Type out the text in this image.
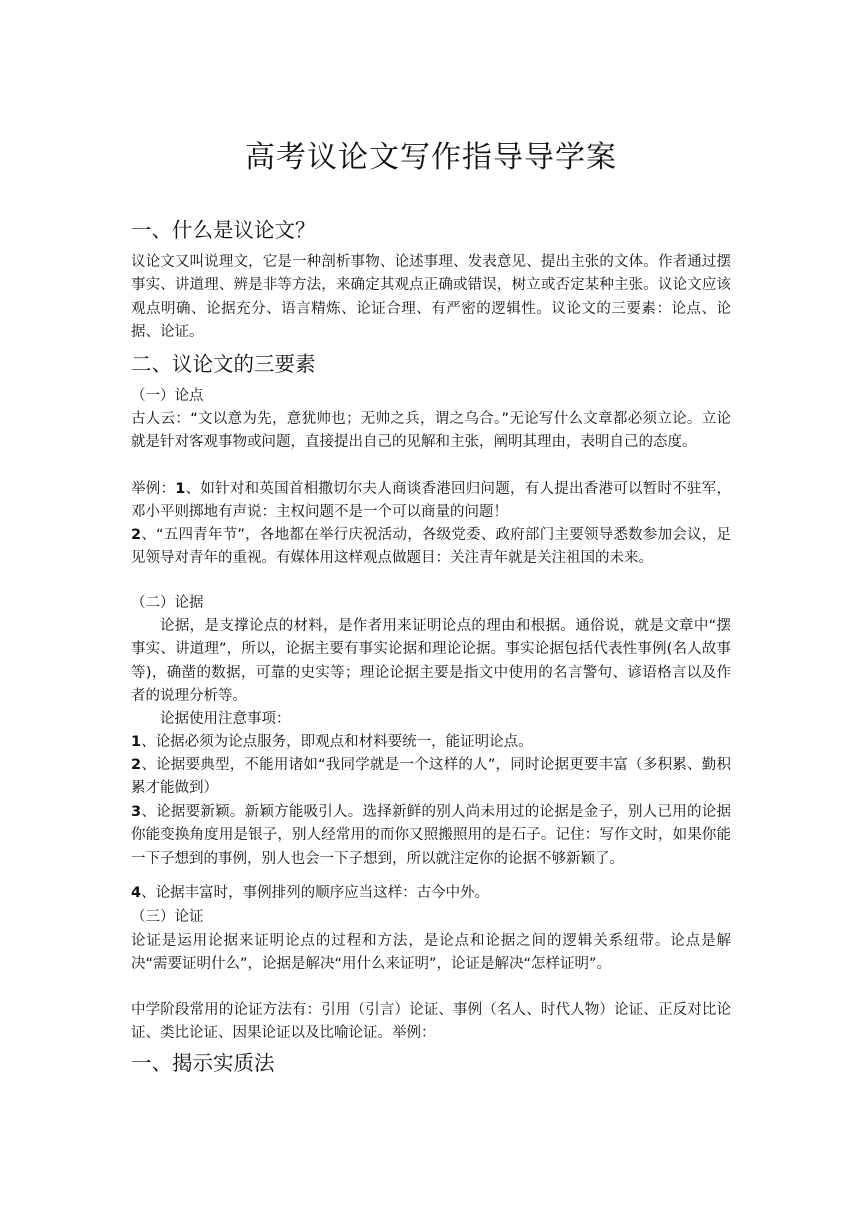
高考议论文写作指导导学案
一、什么是议论文？
议论文又叫说理文，它是一种剖析事物、论述事理、发表意见、提出主张的文体。作者通过摆事实、讲道理、辨是非等方法，来确定其观点正确或错误，树立或否定某种主张。议论文应该观点明确、论据充分、语言精炼、论证合理、有严密的逻辑性。议论文的三要素：论点、论据、论证。
二、议论文的三要素
（一）论点
古人云：“文以意为先，意犹帅也；无帅之兵，谓之乌合。”无论写什么文章都必须立论。立论就是针对客观事物或问题，直接提出自己的见解和主张，阐明其理由，表明自己的态度。
举例：1、如针对和英国首相撒切尔夫人商谈香港回归问题，有人提出香港可以暂时不驻军，邓小平则掷地有声说：主权问题不是一个可以商量的问题！
2、“五四青年节”，各地都在举行庆祝活动，各级党委、政府部门主要领导悉数参加会议，足见领导对青年的重视。有媒体用这样观点做题目：关注青年就是关注祖国的未来。
（二）论据
论据，是支撑论点的材料，是作者用来证明论点的理由和根据。通俗说，就是文章中“摆事实、讲道理”，所以，论据主要有事实论据和理论论据。事实论据包括代表性事例(名人故事等)，确凿的数据，可靠的史实等；理论论据主要是指文中使用的名言警句、谚语格言以及作者的说理分析等。
论据使用注意事项：
1、论据必须为论点服务，即观点和材料要统一，能证明论点。
2、论据要典型，不能用诸如“我同学就是一个这样的人”，同时论据更要丰富（多积累、勤积累才能做到）
3、论据要新颖。新颖方能吸引人。选择新鲜的别人尚未用过的论据是金子，别人已用的论据你能变换角度用是银子，别人经常用的而你又照搬照用的是石子。记住：写作文时，如果你能一下子想到的事例，别人也会一下子想到，所以就注定你的论据不够新颖了。
4、论据丰富时，事例排列的顺序应当这样：古今中外。
（三）论证
论证是运用论据来证明论点的过程和方法，是论点和论据之间的逻辑关系纽带。论点是解决“需要证明什么”，论据是解决“用什么来证明”，论证是解决“怎样证明”。
中学阶段常用的论证方法有：引用（引言）论证、事例（名人、时代人物）论证、正反对比论证、类比论证、因果论证以及比喻论证。举例：
一、揭示实质法
